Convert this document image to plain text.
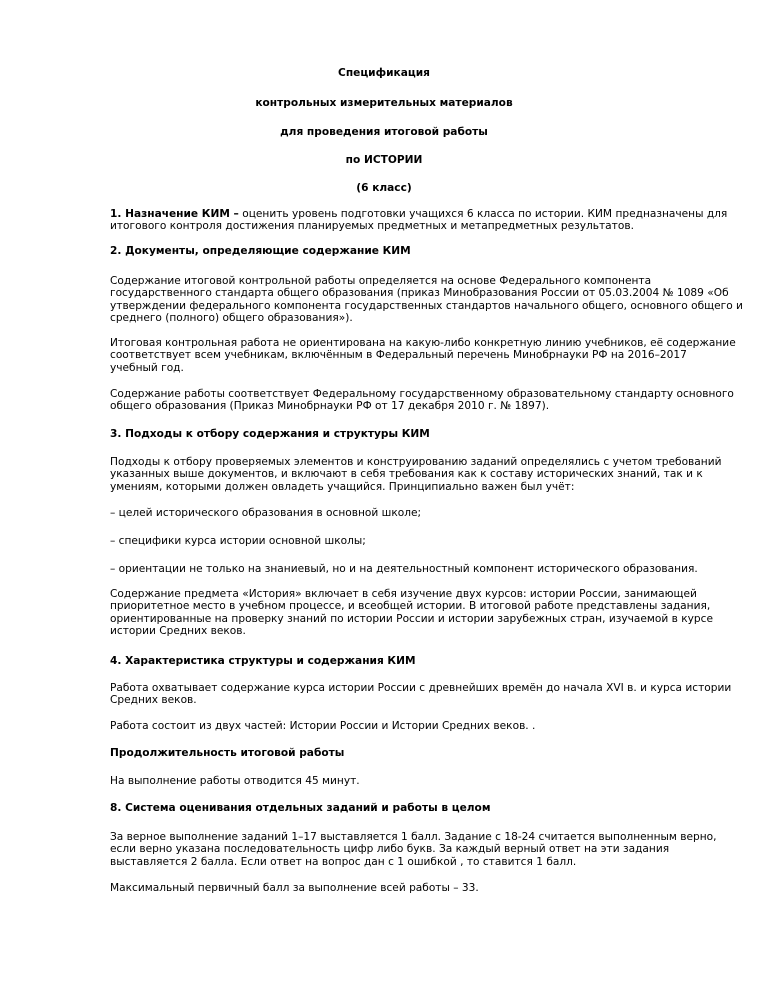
Спецификация
контрольных измерительных материалов
для проведения итоговой работы
по ИСТОРИИ
(6 класс)
1. Назначение КИМ – оценить уровень подготовки учащихся 6 класса по истории. КИМ предназначены для
итогового контроля достижения планируемых предметных и метапредметных результатов.
2. Документы, определяющие содержание КИМ
Содержание итоговой контрольной работы определяется на основе Федерального компонента
государственного стандарта общего образования (приказ Минобразования России от 05.03.2004 № 1089 «Об
утверждении федерального компонента государственных стандартов начального общего, основного общего и
среднего (полного) общего образования»).
Итоговая контрольная работа не ориентирована на какую-либо конкретную линию учебников, её содержание
соответствует всем учебникам, включённым в Федеральный перечень Минобрнауки РФ на 2016–2017
учебный год.
Содержание работы соответствует Федеральному государственному образовательному стандарту основного
общего образования (Приказ Минобрнауки РФ от 17 декабря 2010 г. № 1897).
3. Подходы к отбору содержания и структуры КИМ
Подходы к отбору проверяемых элементов и конструированию заданий определялись с учетом требований
указанных выше документов, и включают в себя требования как к составу исторических знаний, так и к
умениям, которыми должен овладеть учащийся. Принципиально важен был учёт:
– целей исторического образования в основной школе;
– специфики курса истории основной школы;
– ориентации не только на знаниевый, но и на деятельностный компонент исторического образования.
Содержание предмета «История» включает в себя изучение двух курсов: истории России, занимающей
приоритетное место в учебном процессе, и всеобщей истории. В итоговой работе представлены задания,
ориентированные на проверку знаний по истории России и истории зарубежных стран, изучаемой в курсе
истории Средних веков.
4. Характеристика структуры и содержания КИМ
Работа охватывает содержание курса истории России с древнейших времён до начала XVI в. и курса истории
Средних веков.
Работа состоит из двух частей: Истории России и Истории Средних веков. .
Продолжительность итоговой работы
На выполнение работы отводится 45 минут.
8. Система оценивания отдельных заданий и работы в целом
За верное выполнение заданий 1–17 выставляется 1 балл. Задание с 18-24 считается выполненным верно,
если верно указана последовательность цифр либо букв. За каждый верный ответ на эти задания
выставляется 2 балла. Если ответ на вопрос дан с 1 ошибкой , то ставится 1 балл.
Максимальный первичный балл за выполнение всей работы – 33.
